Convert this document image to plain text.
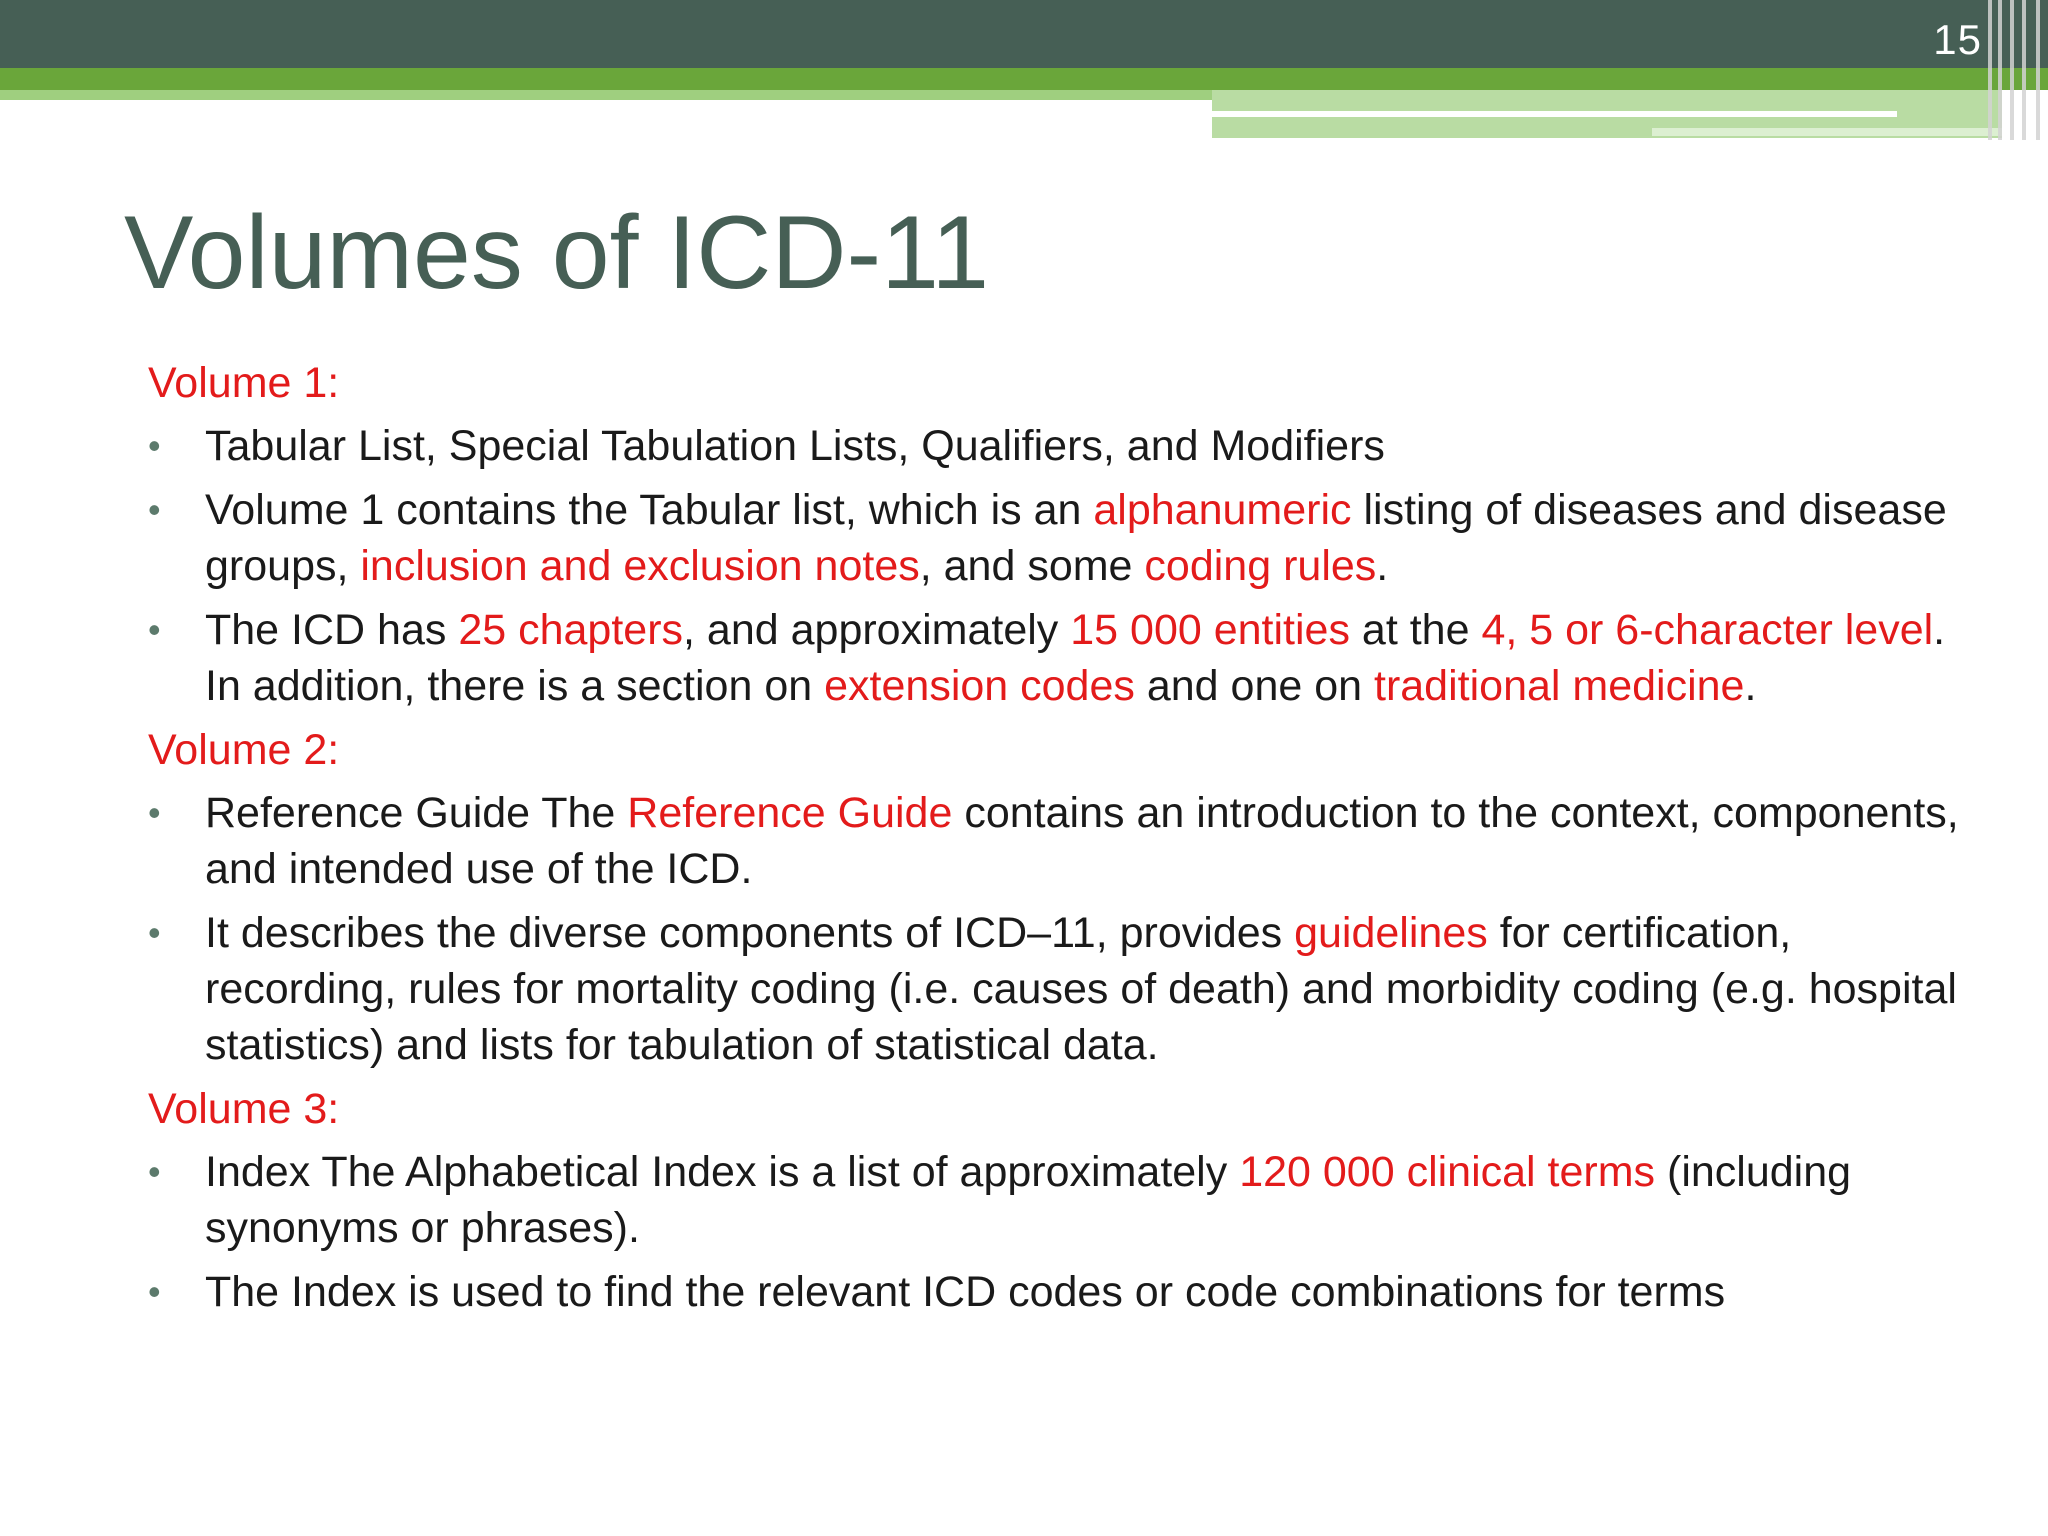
15
Volumes of ICD-11
Volume 1:
• Tabular List, Special Tabulation Lists, Qualifiers, and Modifiers
• Volume 1 contains the Tabular list, which is an alphanumeric listing of diseases and disease groups, inclusion and exclusion notes, and some coding rules.
• The ICD has 25 chapters, and approximately 15 000 entities at the 4, 5 or 6-character level. In addition, there is a section on extension codes and one on traditional medicine.
Volume 2:
• Reference Guide The Reference Guide contains an introduction to the context, components, and intended use of the ICD.
• It describes the diverse components of ICD–11, provides guidelines for certification, recording, rules for mortality coding (i.e. causes of death) and morbidity coding (e.g. hospital statistics) and lists for tabulation of statistical data.
Volume 3:
• Index The Alphabetical Index is a list of approximately 120 000 clinical terms (including synonyms or phrases).
• The Index is used to find the relevant ICD codes or code combinations for terms
